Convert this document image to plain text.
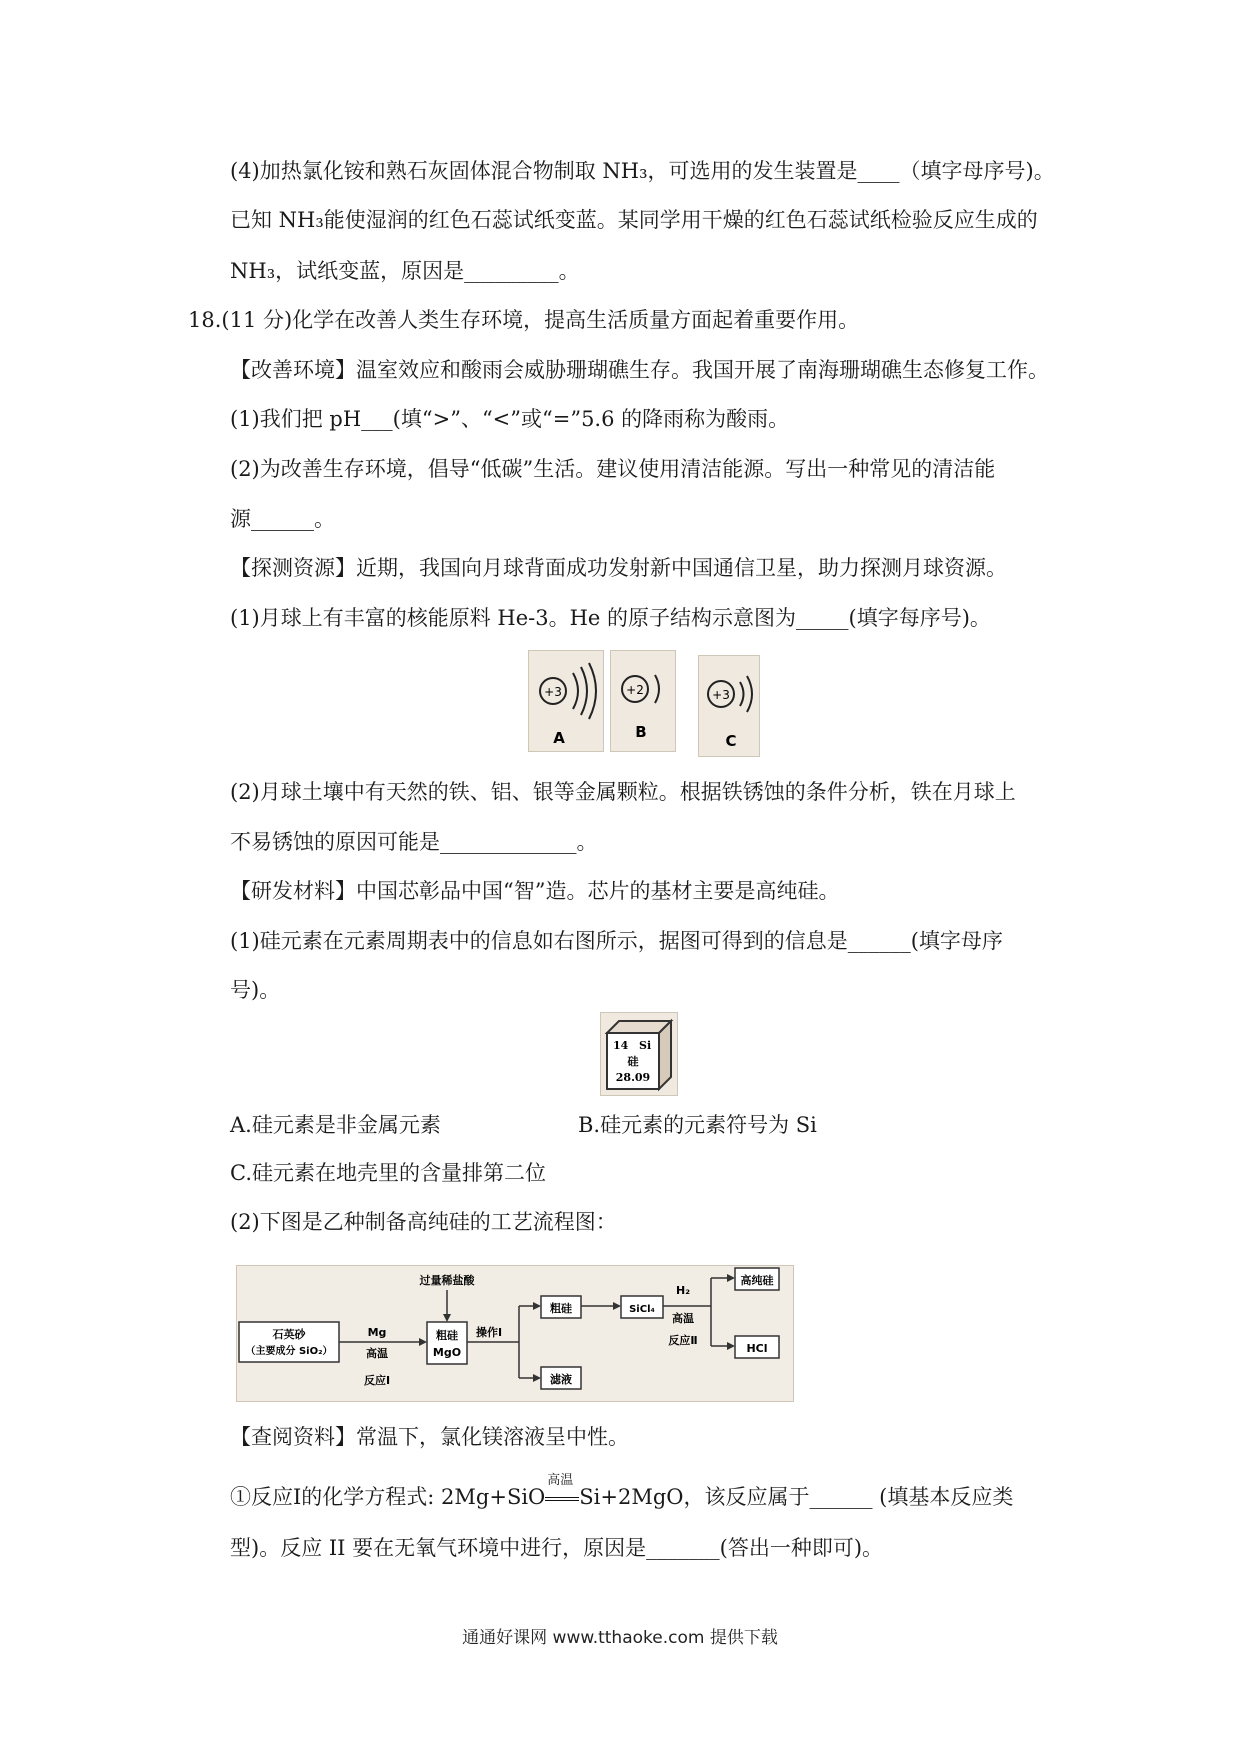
(4)加热氯化铵和熟石灰固体混合物制取 NH₃，可选用的发生装置是____（填字母序号)。
已知 NH₃能使湿润的红色石蕊试纸变蓝。某同学用干燥的红色石蕊试纸检验反应生成的
NH₃，试纸变蓝，原因是_________。
18.(11 分)化学在改善人类生存环境，提高生活质量方面起着重要作用。
【改善环境】温室效应和酸雨会威胁珊瑚礁生存。我国开展了南海珊瑚礁生态修复工作。
(1)我们把 pH___(填“>”、“<”或“=”5.6 的降雨称为酸雨。
(2)为改善生存环境，倡导“低碳”生活。建议使用清洁能源。写出一种常见的清洁能
源______。
【探测资源】近期，我国向月球背面成功发射新中国通信卫星，助力探测月球资源。
(1)月球上有丰富的核能原料 He-3。He 的原子结构示意图为_____(填字每序号)。
+3
A
+2
B
+3
C
(2)月球土壤中有天然的铁、铝、银等金属颗粒。根据铁锈蚀的条件分析，铁在月球上
不易锈蚀的原因可能是_____________。
【研发材料】中国芯彰品中国“智”造。芯片的基材主要是高纯硅。
(1)硅元素在元素周期表中的信息如右图所示，据图可得到的信息是______(填字母序
号)。
14 Si
硅
28.09
A.硅元素是非金属元素	B.硅元素的元素符号为 Si
C.硅元素在地壳里的含量排第二位
(2)下图是乙种制备高纯硅的工艺流程图：
石英砂
（主要成分 SiO₂）
Mg
高温
反应Ⅰ
过量稀盐酸
粗硅
MgO
操作Ⅰ
粗硅
滤液
SiCl₄
H₂
高温
反应Ⅱ
高纯硅
HCl
【查阅资料】常温下，氯化镁溶液呈中性。
①反应Ⅰ的化学方程式: 2Mg+SiO
高温
Si+2MgO，该反应属于______ (填基本反应类
型)。反应 II 要在无氧气环境中进行，原因是_______(答出一种即可)。
通通好课网 www.tthaoke.com 提供下载
